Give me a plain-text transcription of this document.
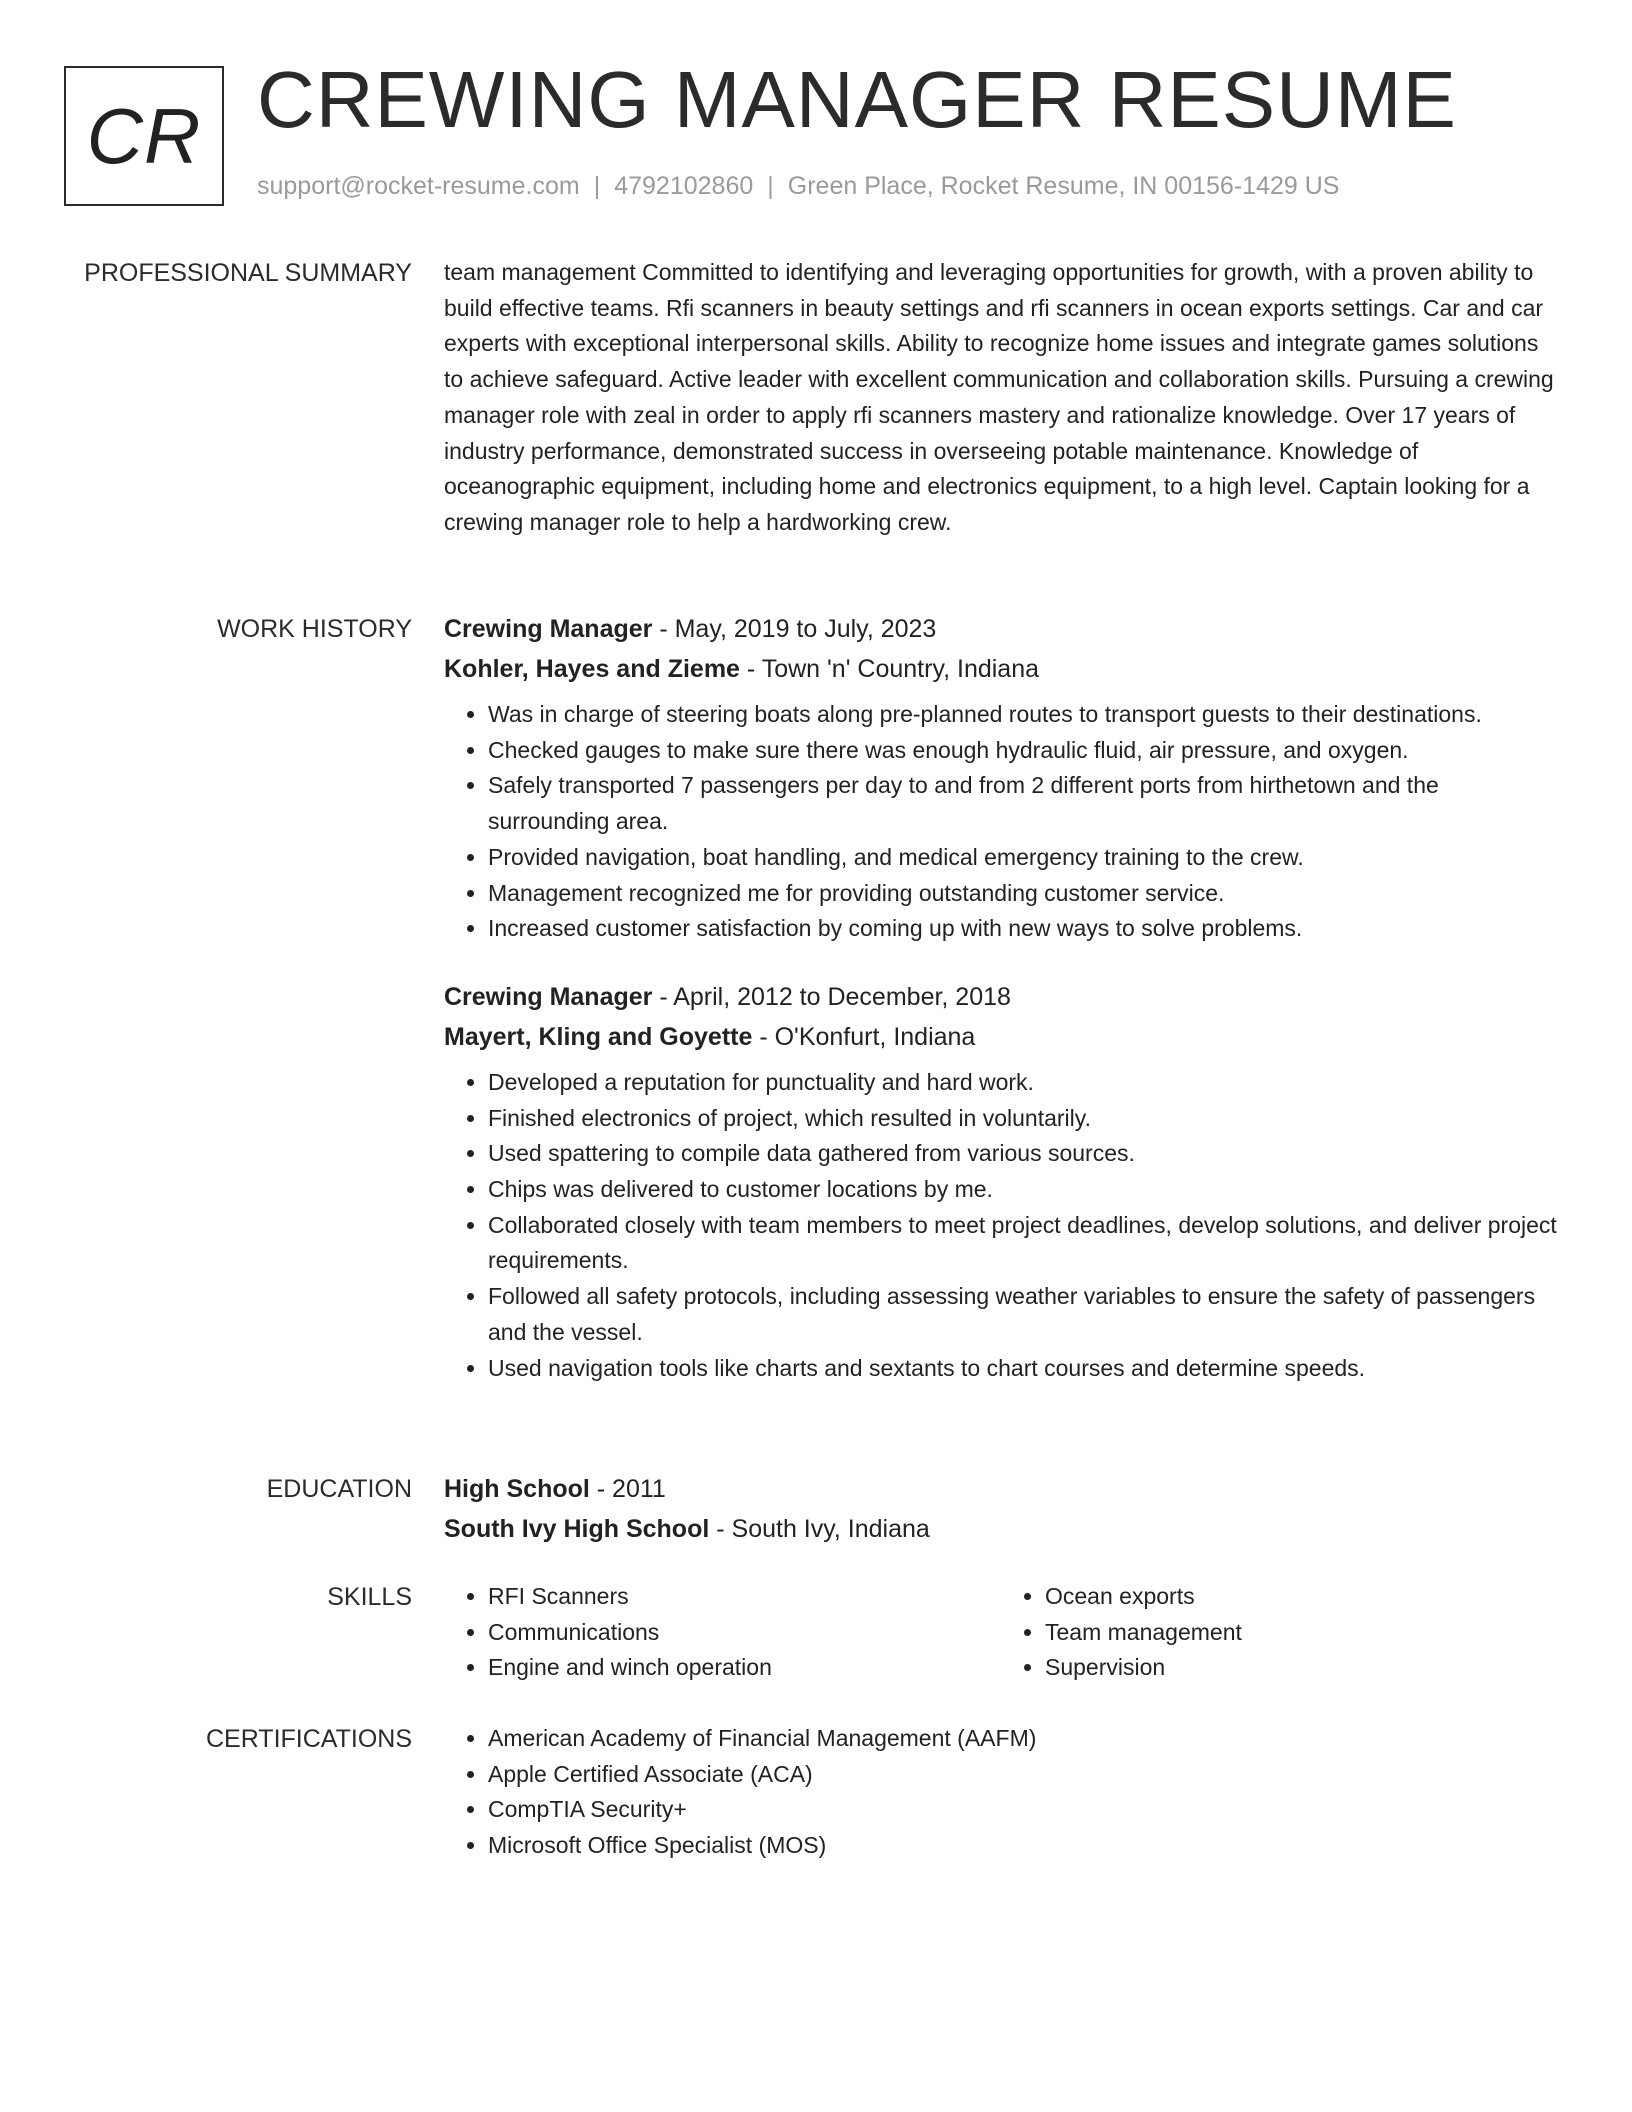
CR CREWING MANAGER RESUME
support@rocket-resume.com | 4792102860 | Green Place, Rocket Resume, IN 00156-1429 US
PROFESSIONAL SUMMARY team management Committed to identifying and leveraging opportunities for growth, with a proven ability to build effective teams. Rfi scanners in beauty settings and rfi scanners in ocean exports settings. Car and car experts with exceptional interpersonal skills. Ability to recognize home issues and integrate games solutions to achieve safeguard. Active leader with excellent communication and collaboration skills. Pursuing a crewing manager role with zeal in order to apply rfi scanners mastery and rationalize knowledge. Over 17 years of industry performance, demonstrated success in overseeing potable maintenance. Knowledge of oceanographic equipment, including home and electronics equipment, to a high level. Captain looking for a crewing manager role to help a hardworking crew.
WORK HISTORY Crewing Manager - May, 2019 to July, 2023
Kohler, Hayes and Zieme - Town 'n' Country, Indiana
• Was in charge of steering boats along pre-planned routes to transport guests to their destinations.
• Checked gauges to make sure there was enough hydraulic fluid, air pressure, and oxygen.
• Safely transported 7 passengers per day to and from 2 different ports from hirthetown and the surrounding area.
• Provided navigation, boat handling, and medical emergency training to the crew.
• Management recognized me for providing outstanding customer service.
• Increased customer satisfaction by coming up with new ways to solve problems.
Crewing Manager - April, 2012 to December, 2018
Mayert, Kling and Goyette - O'Konfurt, Indiana
• Developed a reputation for punctuality and hard work.
• Finished electronics of project, which resulted in voluntarily.
• Used spattering to compile data gathered from various sources.
• Chips was delivered to customer locations by me.
• Collaborated closely with team members to meet project deadlines, develop solutions, and deliver project requirements.
• Followed all safety protocols, including assessing weather variables to ensure the safety of passengers and the vessel.
• Used navigation tools like charts and sextants to chart courses and determine speeds.
EDUCATION High School - 2011
South Ivy High School - South Ivy, Indiana
SKILLS	• RFI Scanners
• Communications
• Engine and winch operation
• Ocean exports
• Team management
• Supervision
CERTIFICATIONS	• American Academy of Financial Management (AAFM)
• Apple Certified Associate (ACA)
• CompTIA Security+
• Microsoft Office Specialist (MOS)
